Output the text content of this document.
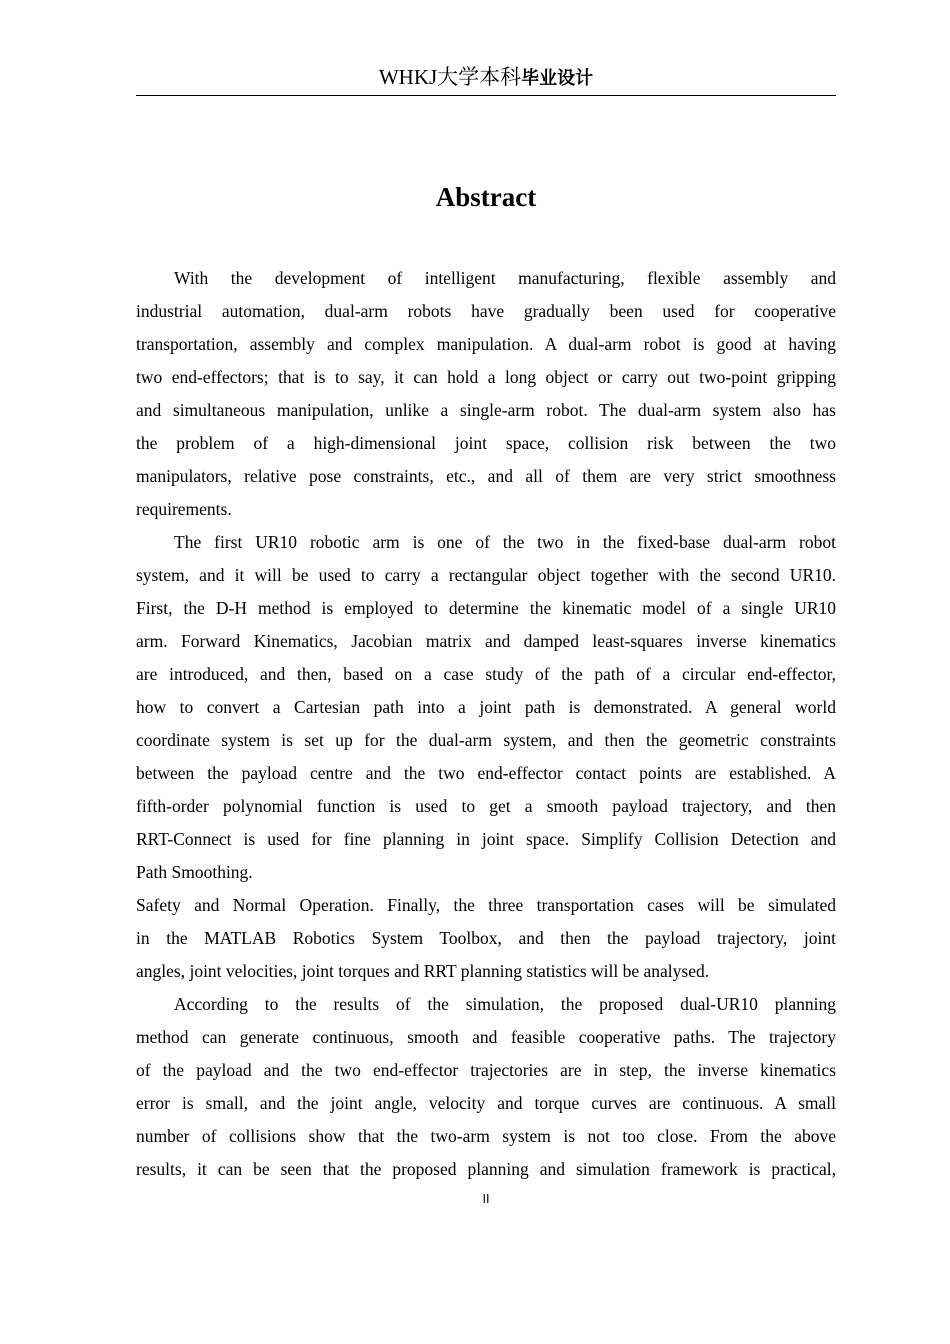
WHKJ大学本科毕业设计
Abstract
With the development of intelligent manufacturing, flexible assembly and
industrial automation, dual-arm robots have gradually been used for cooperative
transportation, assembly and complex manipulation. A dual-arm robot is good at having
two end-effectors; that is to say, it can hold a long object or carry out two-point gripping
and simultaneous manipulation, unlike a single-arm robot. The dual-arm system also has
the problem of a high-dimensional joint space, collision risk between the two
manipulators, relative pose constraints, etc., and all of them are very strict smoothness
requirements.
The first UR10 robotic arm is one of the two in the fixed-base dual-arm robot
system, and it will be used to carry a rectangular object together with the second UR10.
First, the D-H method is employed to determine the kinematic model of a single UR10
arm. Forward Kinematics, Jacobian matrix and damped least-squares inverse kinematics
are introduced, and then, based on a case study of the path of a circular end-effector,
how to convert a Cartesian path into a joint path is demonstrated. A general world
coordinate system is set up for the dual-arm system, and then the geometric constraints
between the payload centre and the two end-effector contact points are established. A
fifth-order polynomial function is used to get a smooth payload trajectory, and then
RRT-Connect is used for fine planning in joint space. Simplify Collision Detection and
Path Smoothing.
Safety and Normal Operation. Finally, the three transportation cases will be simulated
in the MATLAB Robotics System Toolbox, and then the payload trajectory, joint
angles, joint velocities, joint torques and RRT planning statistics will be analysed.
According to the results of the simulation, the proposed dual-UR10 planning
method can generate continuous, smooth and feasible cooperative paths. The trajectory
of the payload and the two end-effector trajectories are in step, the inverse kinematics
error is small, and the joint angle, velocity and torque curves are continuous. A small
number of collisions show that the two-arm system is not too close. From the above
results, it can be seen that the proposed planning and simulation framework is practical,
II
